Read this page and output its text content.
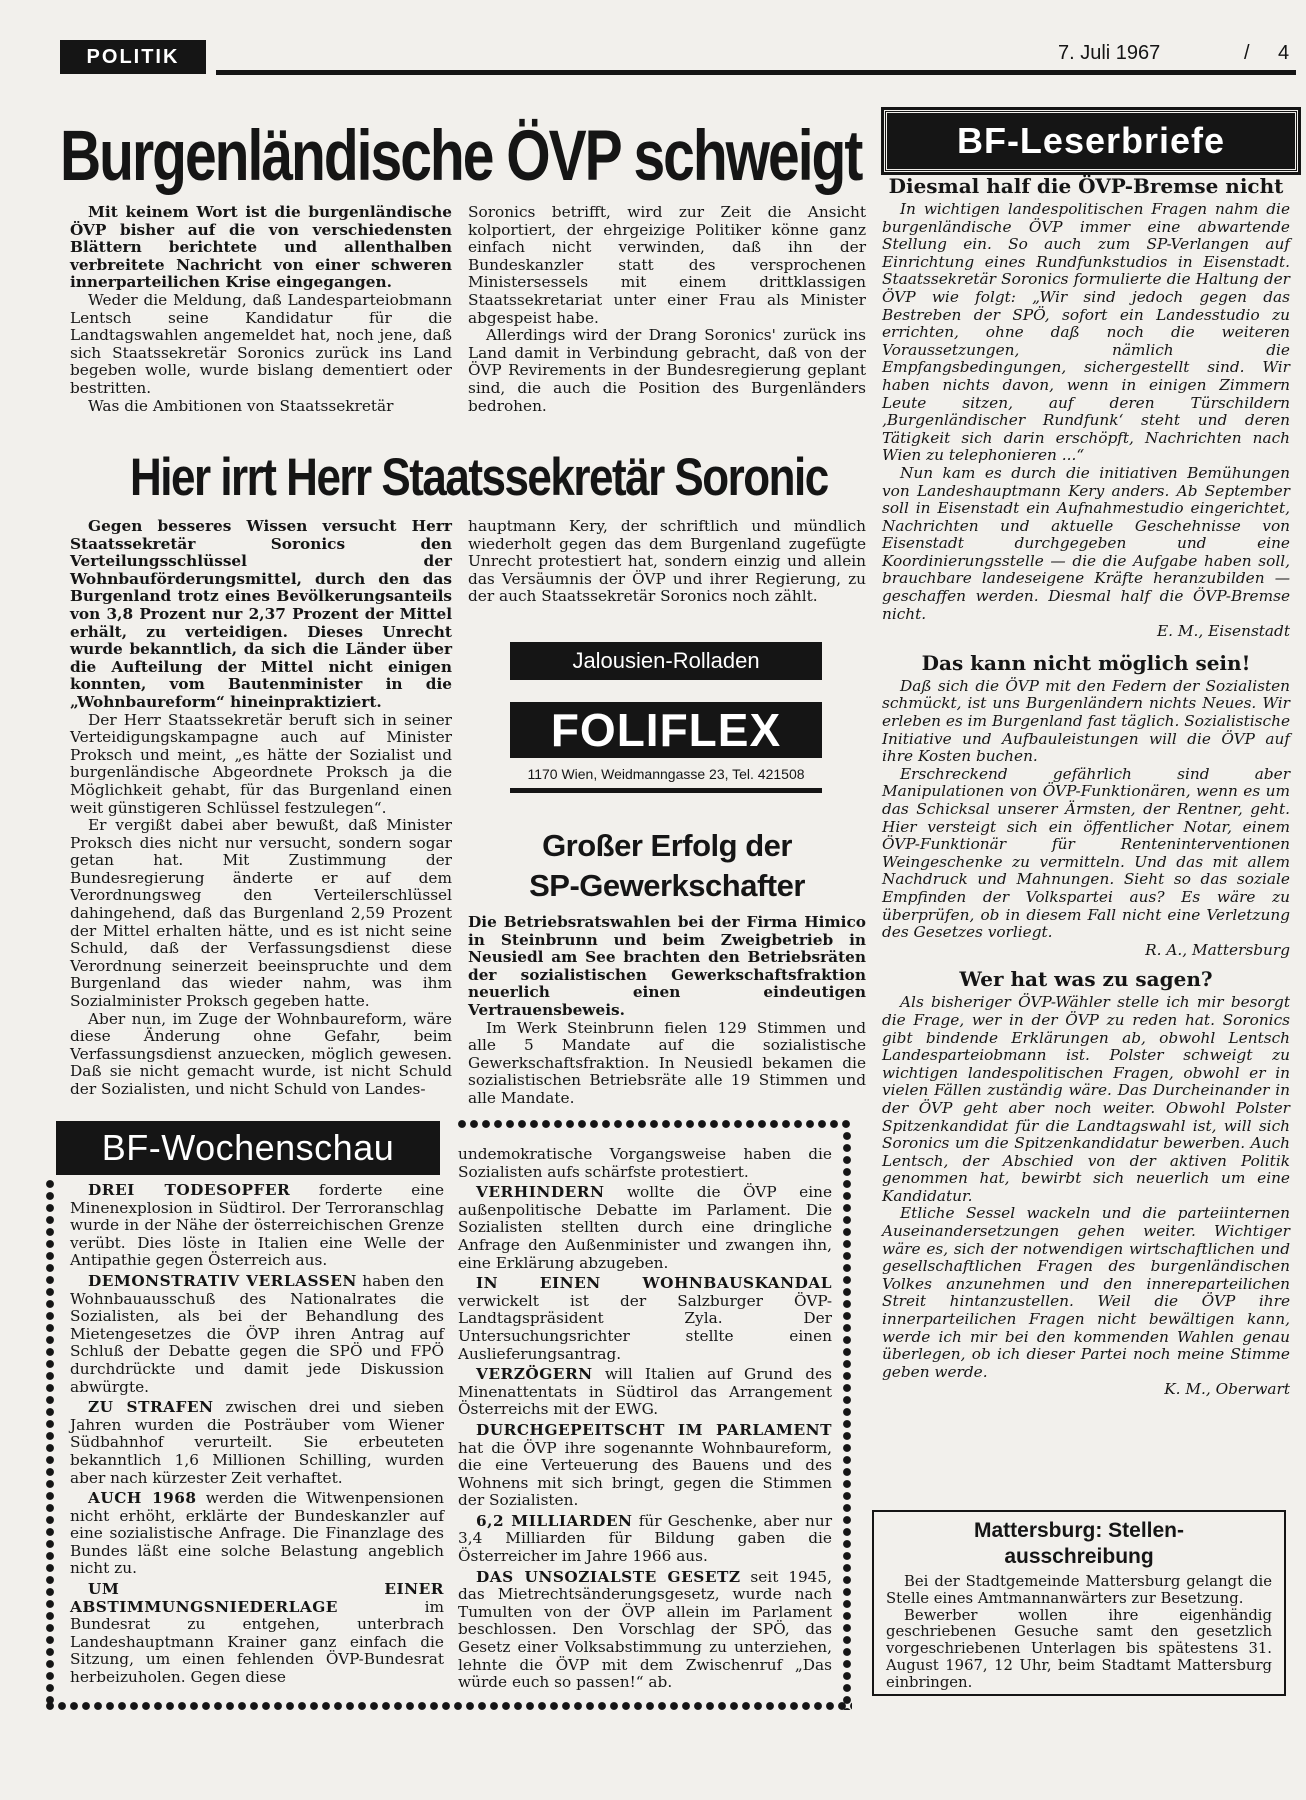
POLITIK	7. Juli 1967	/ 4
Burgenländische ÖVP schweigt

Mit keinem Wort ist die burgenländische ÖVP bisher auf die von verschiedensten Blättern berichtete und allenthalben verbreitete Nachricht von einer schweren innerparteilichen Krise eingegangen.

Weder die Meldung, daß Landesparteiobmann Lentsch seine Kandidatur für die Landtagswahlen angemeldet hat, noch jene, daß sich Staatssekretär Soronics zurück ins Land begeben wolle, wurde bislang dementiert oder bestritten.

Was die Ambitionen von Staatssekretär

Soronics betrifft, wird zur Zeit die Ansicht kolportiert, der ehrgeizige Politiker könne ganz einfach nicht verwinden, daß ihn der Bundeskanzler statt des versprochenen Ministersessels mit einem drittklassigen Staatssekretariat unter einer Frau als Minister abgespeist habe.

Allerdings wird der Drang Soronics' zurück ins Land damit in Verbindung gebracht, daß von der ÖVP Revirements in der Bundesregierung geplant sind, die auch die Position des Burgenländers bedrohen.

Hier irrt Herr Staatssekretär Soronic

Gegen besseres Wissen versucht Herr Staatssekretär Soronics den Verteilungsschlüssel der Wohnbauförderungsmittel, durch den das Burgenland trotz eines Bevölkerungsanteils von 3,8 Prozent nur 2,37 Prozent der Mittel erhält, zu verteidigen. Dieses Unrecht wurde bekanntlich, da sich die Länder über die Aufteilung der Mittel nicht einigen konnten, vom Bautenminister in die „Wohnbaureform“ hineinpraktiziert.

Der Herr Staatssekretär beruft sich in seiner Verteidigungskampagne auch auf Minister Proksch und meint, „es hätte der Sozialist und burgenländische Abgeordnete Proksch ja die Möglichkeit gehabt, für das Burgenland einen weit günstigeren Schlüssel festzulegen“.

Er vergißt dabei aber bewußt, daß Minister Proksch dies nicht nur versucht, sondern sogar getan hat. Mit Zustimmung der Bundesregierung änderte er auf dem Verordnungsweg den Verteilerschlüssel dahingehend, daß das Burgenland 2,59 Prozent der Mittel erhalten hätte, und es ist nicht seine Schuld, daß der Verfassungsdienst diese Verordnung seinerzeit beeinspruchte und dem Burgenland das wieder nahm, was ihm Sozialminister Proksch gegeben hatte.

Aber nun, im Zuge der Wohnbaureform, wäre diese Änderung ohne Gefahr, beim Verfassungsdienst anzuecken, möglich gewesen. Daß sie nicht gemacht wurde, ist nicht Schuld der Sozialisten, und nicht Schuld von Landes-

hauptmann Kery, der schriftlich und mündlich wiederholt gegen das dem Burgenland zugefügte Unrecht protestiert hat, sondern einzig und allein das Versäumnis der ÖVP und ihrer Regierung, zu der auch Staatssekretär Soronics noch zählt.

Jalousien-Rolladen
FOLIFLEX
1170 Wien, Weidmanngasse 23, Tel. 421508
Großer Erfolg der
SP-Gewerkschafter

Die Betriebsratswahlen bei der Firma Himico in Steinbrunn und beim Zweigbetrieb in Neusiedl am See brachten den Betriebsräten der sozialistischen Gewerkschaftsfraktion neuerlich einen eindeutigen Vertrauensbeweis.

Im Werk Steinbrunn fielen 129 Stimmen und alle 5 Mandate auf die sozialistische Gewerkschaftsfraktion. In Neusiedl bekamen die sozialistischen Betriebsräte alle 19 Stimmen und alle Mandate.

BF-Wochenschau

DREI TODESOPFER forderte eine Minenexplosion in Südtirol. Der Terroranschlag wurde in der Nähe der österreichischen Grenze verübt. Dies löste in Italien eine Welle der Antipathie gegen Österreich aus.

DEMONSTRATIV VERLASSEN haben den Wohnbauausschuß des Nationalrates die Sozialisten, als bei der Behandlung des Mietengesetzes die ÖVP ihren Antrag auf Schluß der Debatte gegen die SPÖ und FPÖ durchdrückte und damit jede Diskussion abwürgte.

ZU STRAFEN zwischen drei und sieben Jahren wurden die Posträuber vom Wiener Südbahnhof verurteilt. Sie erbeuteten bekanntlich 1,6 Millionen Schilling, wurden aber nach kürzester Zeit verhaftet.

AUCH 1968 werden die Witwenpensionen nicht erhöht, erklärte der Bundeskanzler auf eine sozialistische Anfrage. Die Finanzlage des Bundes läßt eine solche Belastung angeblich nicht zu.

UM EINER ABSTIMMUNGSNIEDERLAGE im Bundesrat zu entgehen, unterbrach Landeshauptmann Krainer ganz einfach die Sitzung, um einen fehlenden ÖVP-Bundesrat herbeizuholen. Gegen diese

undemokratische Vorgangsweise haben die Sozialisten aufs schärfste protestiert.

VERHINDERN wollte die ÖVP eine außenpolitische Debatte im Parlament. Die Sozialisten stellten durch eine dringliche Anfrage den Außenminister und zwangen ihn, eine Erklärung abzugeben.

IN EINEN WOHNBAUSKANDAL verwickelt ist der Salzburger ÖVP-Landtagspräsident Zyla. Der Untersuchungsrichter stellte einen Auslieferungsantrag.

VERZÖGERN will Italien auf Grund des Minenattentats in Südtirol das Arrangement Österreichs mit der EWG.

DURCHGEPEITSCHT IM PARLAMENT hat die ÖVP ihre sogenannte Wohnbaureform, die eine Verteuerung des Bauens und des Wohnens mit sich bringt, gegen die Stimmen der Sozialisten.

6,2 MILLIARDEN für Geschenke, aber nur 3,4 Milliarden für Bildung gaben die Österreicher im Jahre 1966 aus.

DAS UNSOZIALSTE GESETZ seit 1945, das Mietrechtsänderungsgesetz, wurde nach Tumulten von der ÖVP allein im Parlament beschlossen. Den Vorschlag der SPÖ, das Gesetz einer Volksabstimmung zu unterziehen, lehnte die ÖVP mit dem Zwischenruf „Das würde euch so passen!“ ab.

BF-Leserbriefe
Diesmal half die ÖVP-Bremse nicht

In wichtigen landespolitischen Fragen nahm die burgenländische ÖVP immer eine abwartende Stellung ein. So auch zum SP-Verlangen auf Einrichtung eines Rundfunkstudios in Eisenstadt. Staatssekretär Soronics formulierte die Haltung der ÖVP wie folgt: „Wir sind jedoch gegen das Bestreben der SPÖ, sofort ein Landesstudio zu errichten, ohne daß noch die weiteren Voraussetzungen, nämlich die Empfangsbedingungen, sichergestellt sind. Wir haben nichts davon, wenn in einigen Zimmern Leute sitzen, auf deren Türschildern ‚Burgenländischer Rundfunk‘ steht und deren Tätigkeit sich darin erschöpft, Nachrichten nach Wien zu telephonieren ...“

Nun kam es durch die initiativen Bemühungen von Landeshauptmann Kery anders. Ab September soll in Eisenstadt ein Aufnahmestudio eingerichtet, Nachrichten und aktuelle Geschehnisse von Eisenstadt durchgegeben und eine Koordinierungsstelle — die die Aufgabe haben soll, brauchbare landeseigene Kräfte heranzubilden — geschaffen werden. Diesmal half die ÖVP-Bremse nicht.

E. M., Eisenstadt

Das kann nicht möglich sein!

Daß sich die ÖVP mit den Federn der Sozialisten schmückt, ist uns Burgenländern nichts Neues. Wir erleben es im Burgenland fast täglich. Sozialistische Initiative und Aufbauleistungen will die ÖVP auf ihre Kosten buchen.

Erschreckend gefährlich sind aber Manipulationen von ÖVP-Funktionären, wenn es um das Schicksal unserer Ärmsten, der Rentner, geht. Hier versteigt sich ein öffentlicher Notar, einem ÖVP-Funktionär für Renteninterventionen Weingeschenke zu vermitteln. Und das mit allem Nachdruck und Mahnungen. Sieht so das soziale Empfinden der Volkspartei aus? Es wäre zu überprüfen, ob in diesem Fall nicht eine Verletzung des Gesetzes vorliegt.

R. A., Mattersburg

Wer hat was zu sagen?

Als bisheriger ÖVP-Wähler stelle ich mir besorgt die Frage, wer in der ÖVP zu reden hat. Soronics gibt bindende Erklärungen ab, obwohl Lentsch Landesparteiobmann ist. Polster schweigt zu wichtigen landespolitischen Fragen, obwohl er in vielen Fällen zuständig wäre. Das Durcheinander in der ÖVP geht aber noch weiter. Obwohl Polster Spitzenkandidat für die Landtagswahl ist, will sich Soronics um die Spitzenkandidatur bewerben. Auch Lentsch, der Abschied von der aktiven Politik genommen hat, bewirbt sich neuerlich um eine Kandidatur.

Etliche Sessel wackeln und die parteiinternen Auseinandersetzungen gehen weiter. Wichtiger wäre es, sich der notwendigen wirtschaftlichen und gesellschaftlichen Fragen des burgenländischen Volkes anzunehmen und den innereparteilichen Streit hintanzustellen. Weil die ÖVP ihre innerparteilichen Fragen nicht bewältigen kann, werde ich mir bei den kommenden Wahlen genau überlegen, ob ich dieser Partei noch meine Stimme geben werde.

K. M., Oberwart

Mattersburg: Stellen-
ausschreibung

Bei der Stadtgemeinde Mattersburg gelangt die Stelle eines Amtmannanwärters zur Besetzung.

Bewerber wollen ihre eigenhändig geschriebenen Gesuche samt den gesetzlich vorgeschriebenen Unterlagen bis spätestens 31. August 1967, 12 Uhr, beim Stadtamt Mattersburg einbringen.
